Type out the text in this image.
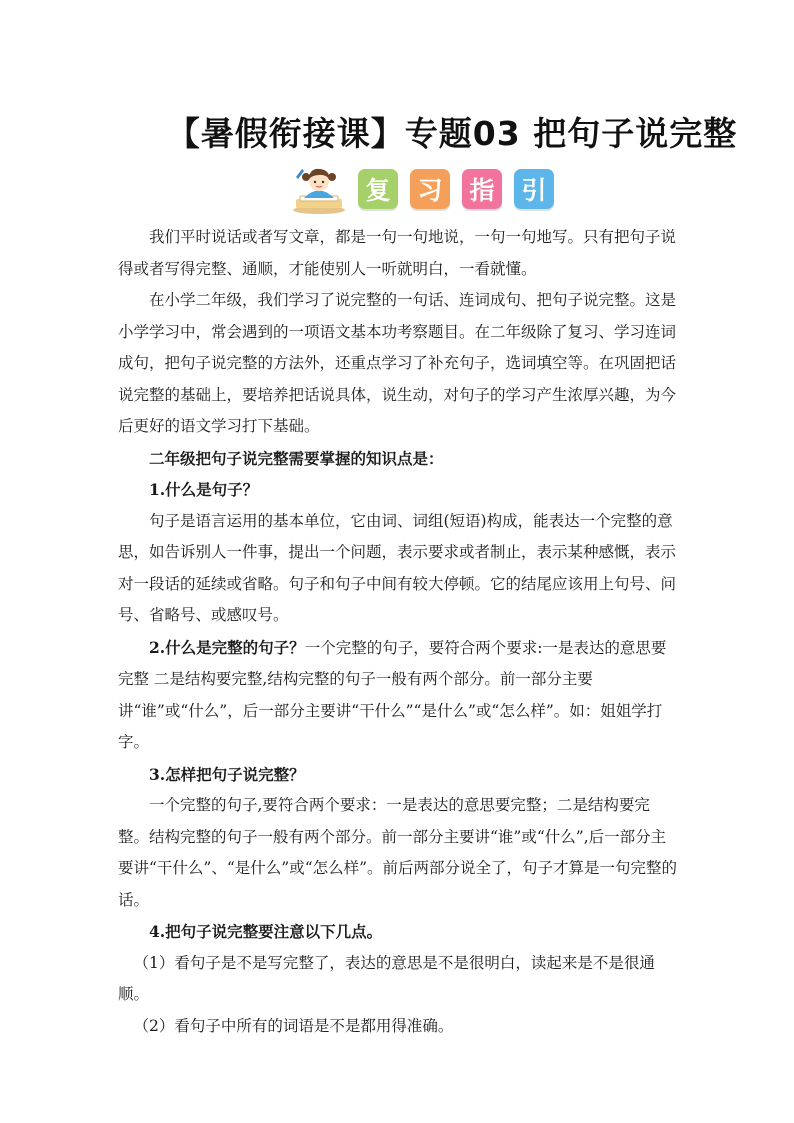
【暑假衔接课】专题03 把句子说完整
复 习 指 引

我们平时说话或者写文章，都是一句一句地说，一句一句地写。只有把句子说得或者写得完整、通顺，才能使别人一听就明白，一看就懂。

在小学二年级，我们学习了说完整的一句话、连词成句、把句子说完整。这是小学学习中，常会遇到的一项语文基本功考察题目。在二年级除了复习、学习连词成句，把句子说完整的方法外，还重点学习了补充句子，选词填空等。在巩固把话说完整的基础上，要培养把话说具体，说生动，对句子的学习产生浓厚兴趣，为今后更好的语文学习打下基础。

二年级把句子说完整需要掌握的知识点是：

1.什么是句子？

句子是语言运用的基本单位，它由词、词组(短语)构成，能表达一个完整的意思，如告诉别人一件事，提出一个问题，表示要求或者制止，表示某种感慨，表示对一段话的延续或省略。句子和句子中间有较大停顿。它的结尾应该用上句号、问号、省略号、或感叹号。

2.什么是完整的句子？一个完整的句子，要符合两个要求:一是表达的意思要完整 二是结构要完整,结构完整的句子一般有两个部分。前一部分主要讲“谁”或“什么”，后一部分主要讲“干什么”“是什么”或“怎么样”。如：姐姐学打字。

3.怎样把句子说完整？

一个完整的句子,要符合两个要求：一是表达的意思要完整；二是结构要完整。结构完整的句子一般有两个部分。前一部分主要讲“谁”或“什么”,后一部分主要讲“干什么”、“是什么”或“怎么样”。前后两部分说全了，句子才算是一句完整的话。

4.把句子说完整要注意以下几点。

（1）看句子是不是写完整了，表达的意思是不是很明白，读起来是不是很通顺。

（2）看句子中所有的词语是不是都用得准确。
